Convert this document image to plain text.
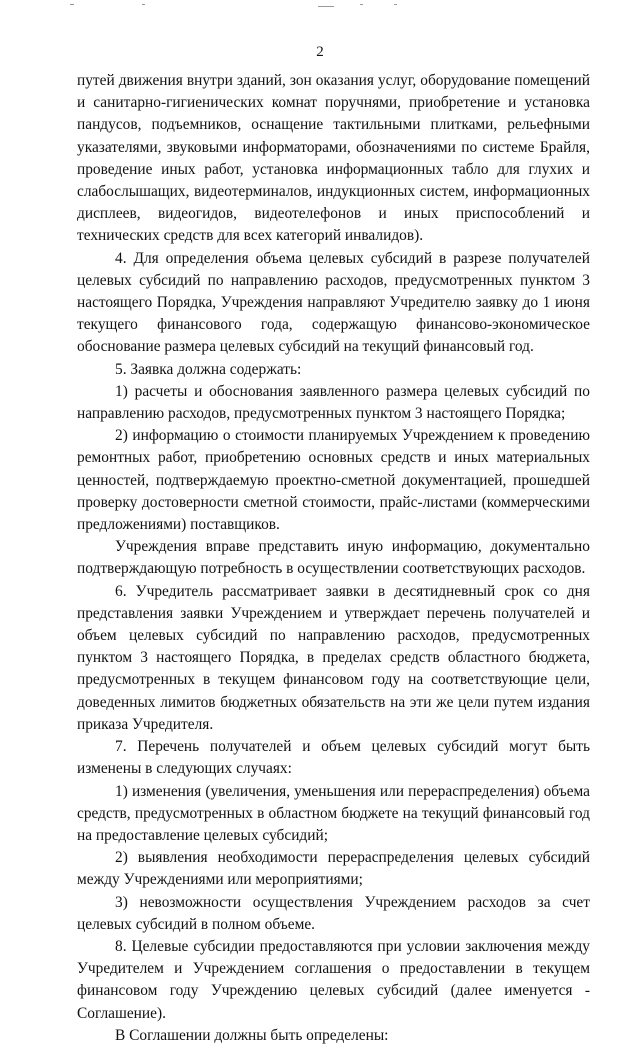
2

путей движения внутри зданий, зон оказания услуг, оборудование помещений и санитарно-гигиенических комнат поручнями, приобретение и установка пандусов, подъемников, оснащение тактильными плитками, рельефными указателями, звуковыми информаторами, обозначениями по системе Брайля, проведение иных работ, установка информационных табло для глухих и слабослышащих, видеотерминалов, индукционных систем, информационных дисплеев, видеогидов, видеотелефонов и иных приспособлений и технических средств для всех категорий инвалидов).

4. Для определения объема целевых субсидий в разрезе получателей целевых субсидий по направлению расходов, предусмотренных пунктом 3 настоящего Порядка, Учреждения направляют Учредителю заявку до 1 июня текущего финансового года, содержащую финансово-экономическое обоснование размера целевых субсидий на текущий финансовый год.

5. Заявка должна содержать:

1) расчеты и обоснования заявленного размера целевых субсидий по направлению расходов, предусмотренных пунктом 3 настоящего Порядка;

2) информацию о стоимости планируемых Учреждением к проведению ремонтных работ, приобретению основных средств и иных материальных ценностей, подтверждаемую проектно-сметной документацией, прошедшей проверку достоверности сметной стоимости, прайс-листами (коммерческими предложениями) поставщиков.

Учреждения вправе представить иную информацию, документально подтверждающую потребность в осуществлении соответствующих расходов.

6. Учредитель рассматривает заявки в десятидневный срок со дня представления заявки Учреждением и утверждает перечень получателей и объем целевых субсидий по направлению расходов, предусмотренных пунктом 3 настоящего Порядка, в пределах средств областного бюджета, предусмотренных в текущем финансовом году на соответствующие цели, доведенных лимитов бюджетных обязательств на эти же цели путем издания приказа Учредителя.

7. Перечень получателей и объем целевых субсидий могут быть изменены в следующих случаях:

1) изменения (увеличения, уменьшения или перераспределения) объема средств, предусмотренных в областном бюджете на текущий финансовый год на предоставление целевых субсидий;

2) выявления необходимости перераспределения целевых субсидий между Учреждениями или мероприятиями;

3) невозможности осуществления Учреждением расходов за счет целевых субсидий в полном объеме.

8. Целевые субсидии предоставляются при условии заключения между Учредителем и Учреждением соглашения о предоставлении в текущем финансовом году Учреждению целевых субсидий (далее именуется - Соглашение).

В Соглашении должны быть определены:
